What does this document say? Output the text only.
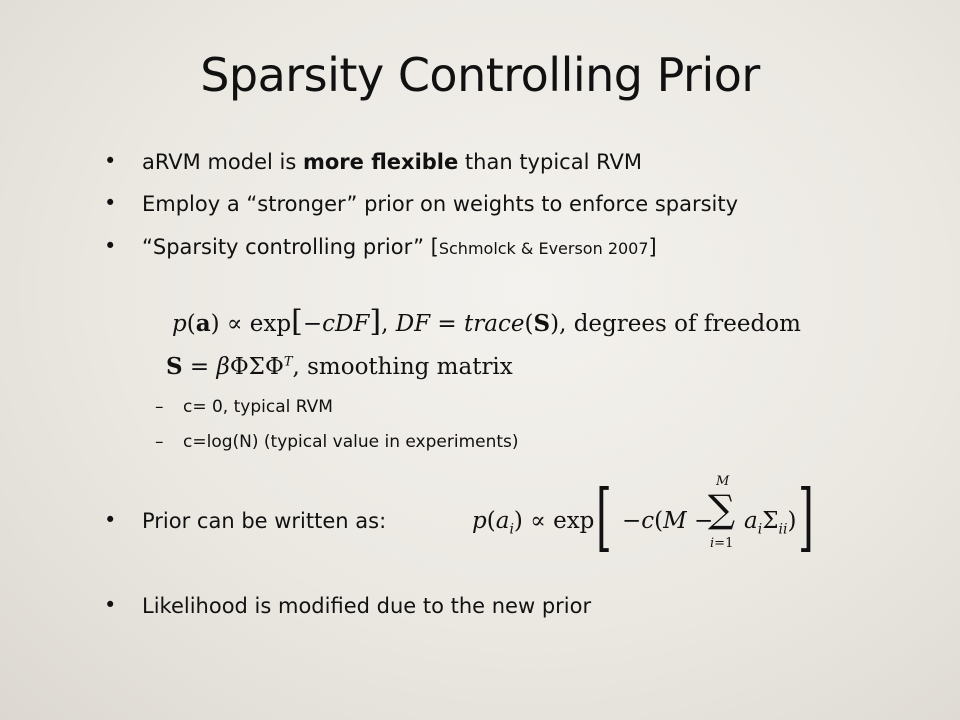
Sparsity Controlling Prior
• aRVM model is more flexible than typical RVM
• Employ a “stronger” prior on weights to enforce sparsity
• “Sparsity controlling prior” [Schmolck & Everson 2007]
p(a) ∝ exp[−cDF], DF = trace(S), degrees of freedom
S = βΦΣΦ$^T$, smoothing matrix
– c= 0, typical RVM
– c=log(N) (typical value in experiments)
• Prior can be written as:	$p(a_i) \propto \exp$ [ −c(M −
M
∑
i=1
$a_i\Sigma_{ii}$) ]
• Likelihood is modified due to the new prior
